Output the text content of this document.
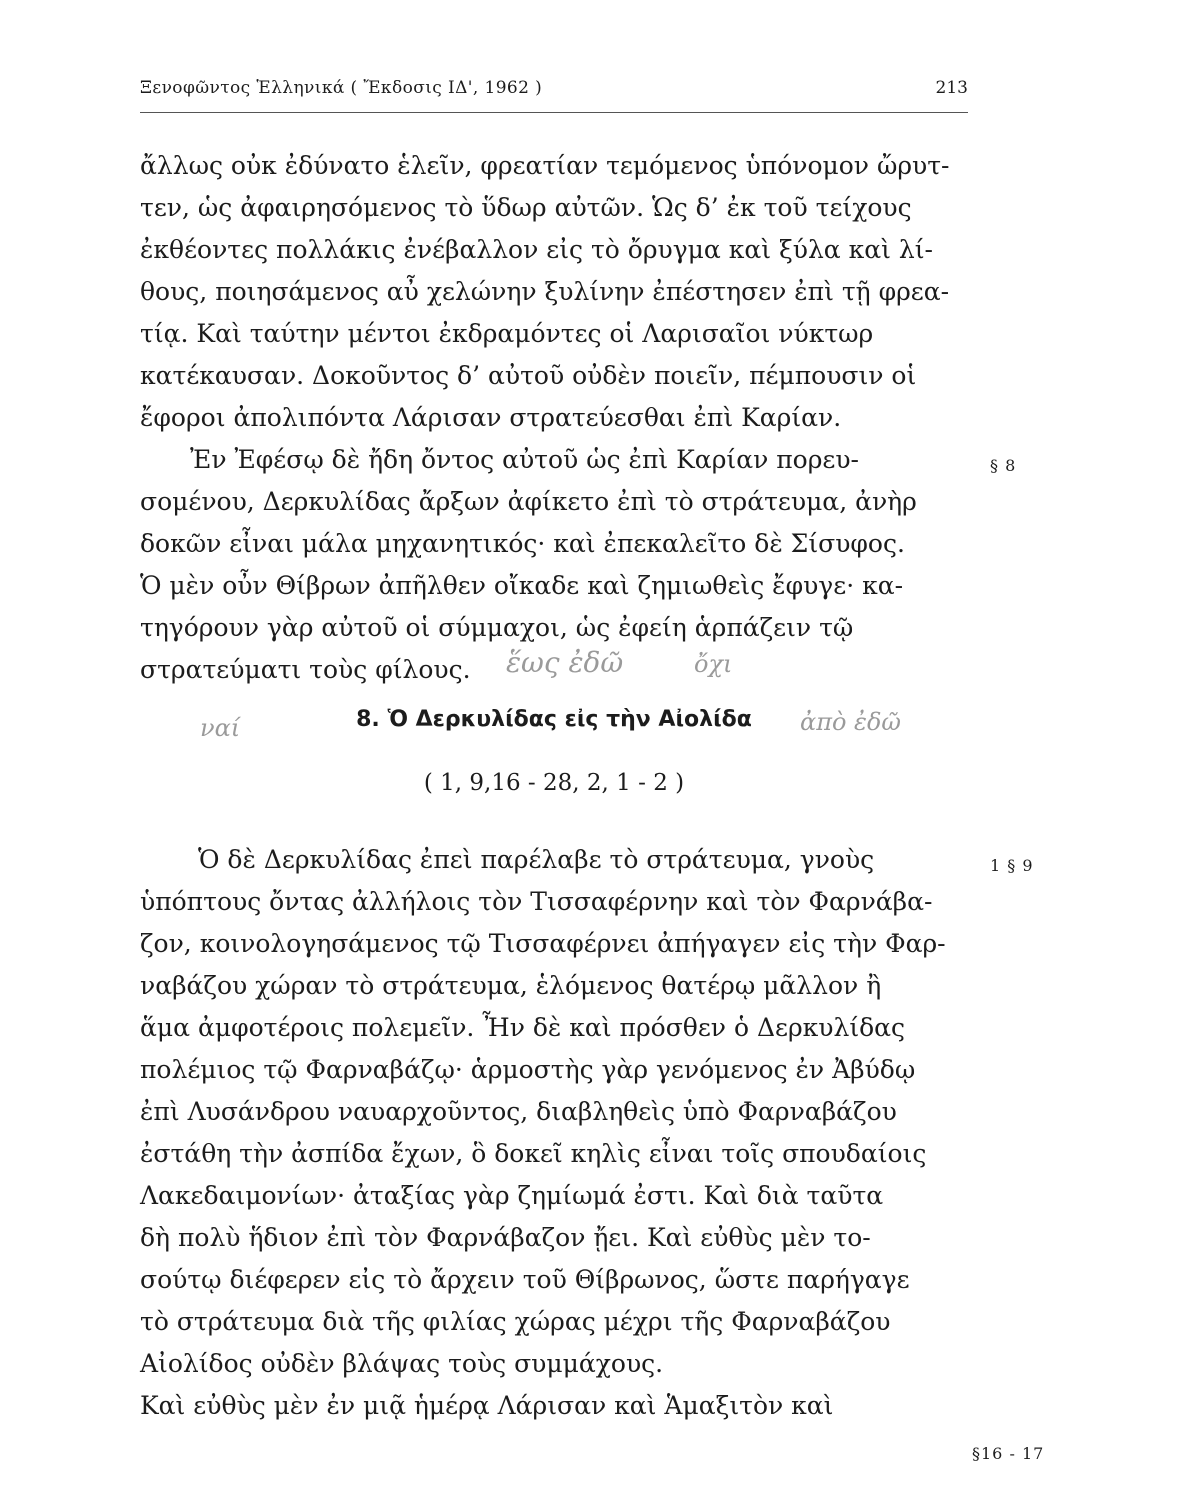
Ξενοφῶντος Ἑλληνικά ( Ἔκδοσις ΙΔ', 1962 )	213
ἄλλως οὐκ ἐδύνατο ἑλεῖν, φρεατίαν τεμόμενος ὑπόνομον ὤρυτ-
τεν, ὡς ἀφαιρησόμενος τὸ ὕδωρ αὐτῶν. Ὡς δ’ ἐκ τοῦ τείχους
ἐκθέοντες πολλάκις ἐνέβαλλον εἰς τὸ ὄρυγμα καὶ ξύλα καὶ λί-
θους, ποιησάμενος αὖ χελώνην ξυλίνην ἐπέστησεν ἐπὶ τῇ φρεα-
τίᾳ. Καὶ ταύτην μέντοι ἐκδραμόντες οἱ Λαρισαῖοι νύκτωρ
κατέκαυσαν. Δοκοῦντος δ’ αὐτοῦ οὐδὲν ποιεῖν, πέμπουσιν οἱ
ἔφοροι ἀπολιπόντα Λάρισαν στρατεύεσθαι ἐπὶ Καρίαν.
Ἐν Ἐφέσῳ δὲ ἤδη ὄντος αὐτοῦ ὡς ἐπὶ Καρίαν πορευ-
σομένου, Δερκυλίδας ἄρξων ἀφίκετο ἐπὶ τὸ στράτευμα, ἀνὴρ
δοκῶν εἶναι μάλα μηχανητικός· καὶ ἐπεκαλεῖτο δὲ Σίσυφος.
Ὁ μὲν οὖν Θίβρων ἀπῆλθεν οἴκαδε καὶ ζημιωθεὶς ἔφυγε· κα-
τηγόρουν γὰρ αὐτοῦ οἱ σύμμαχοι, ὡς ἐφείη ἁρπάζειν τῷ
στρατεύματι τοὺς φίλους.
§ 8
ἕως ἐδῶ	ὄχι
ναί	ἀπὸ ἐδῶ
8. Ὁ Δερκυλίδας εἰς τὴν Αἰολίδα
( 1, 9,16 - 28, 2, 1 - 2 )
Ὁ δὲ Δερκυλίδας ἐπεὶ παρέλαβε τὸ στράτευμα, γνοὺς
ὑπόπτους ὄντας ἀλλήλοις τὸν Τισσαφέρνην καὶ τὸν Φαρνάβα-
ζον, κοινολογησάμενος τῷ Τισσαφέρνει ἀπήγαγεν εἰς τὴν Φαρ-
ναβάζου χώραν τὸ στράτευμα, ἑλόμενος θατέρῳ μᾶλλον ἢ
ἅμα ἀμφοτέροις πολεμεῖν. Ἦν δὲ καὶ πρόσθεν ὁ Δερκυλίδας
πολέμιος τῷ Φαρναβάζῳ· ἁρμοστὴς γὰρ γενόμενος ἐν Ἀβύδῳ
ἐπὶ Λυσάνδρου ναυαρχοῦντος, διαβληθεὶς ὑπὸ Φαρναβάζου
ἐστάθη τὴν ἀσπίδα ἔχων, ὃ δοκεῖ κηλὶς εἶναι τοῖς σπουδαίοις
Λακεδαιμονίων· ἀταξίας γὰρ ζημίωμά ἐστι. Καὶ διὰ ταῦτα
δὴ πολὺ ἥδιον ἐπὶ τὸν Φαρνάβαζον ᾔει. Καὶ εὐθὺς μὲν το-
σούτῳ διέφερεν εἰς τὸ ἄρχειν τοῦ Θίβρωνος, ὥστε παρήγαγε
τὸ στράτευμα διὰ τῆς φιλίας χώρας μέχρι τῆς Φαρναβάζου
Αἰολίδος οὐδὲν βλάψας τοὺς συμμάχους.
Καὶ εὐθὺς μὲν ἐν μιᾷ ἡμέρᾳ Λάρισαν καὶ Ἁμαξιτὸν καὶ
1 § 9
§16 - 17
